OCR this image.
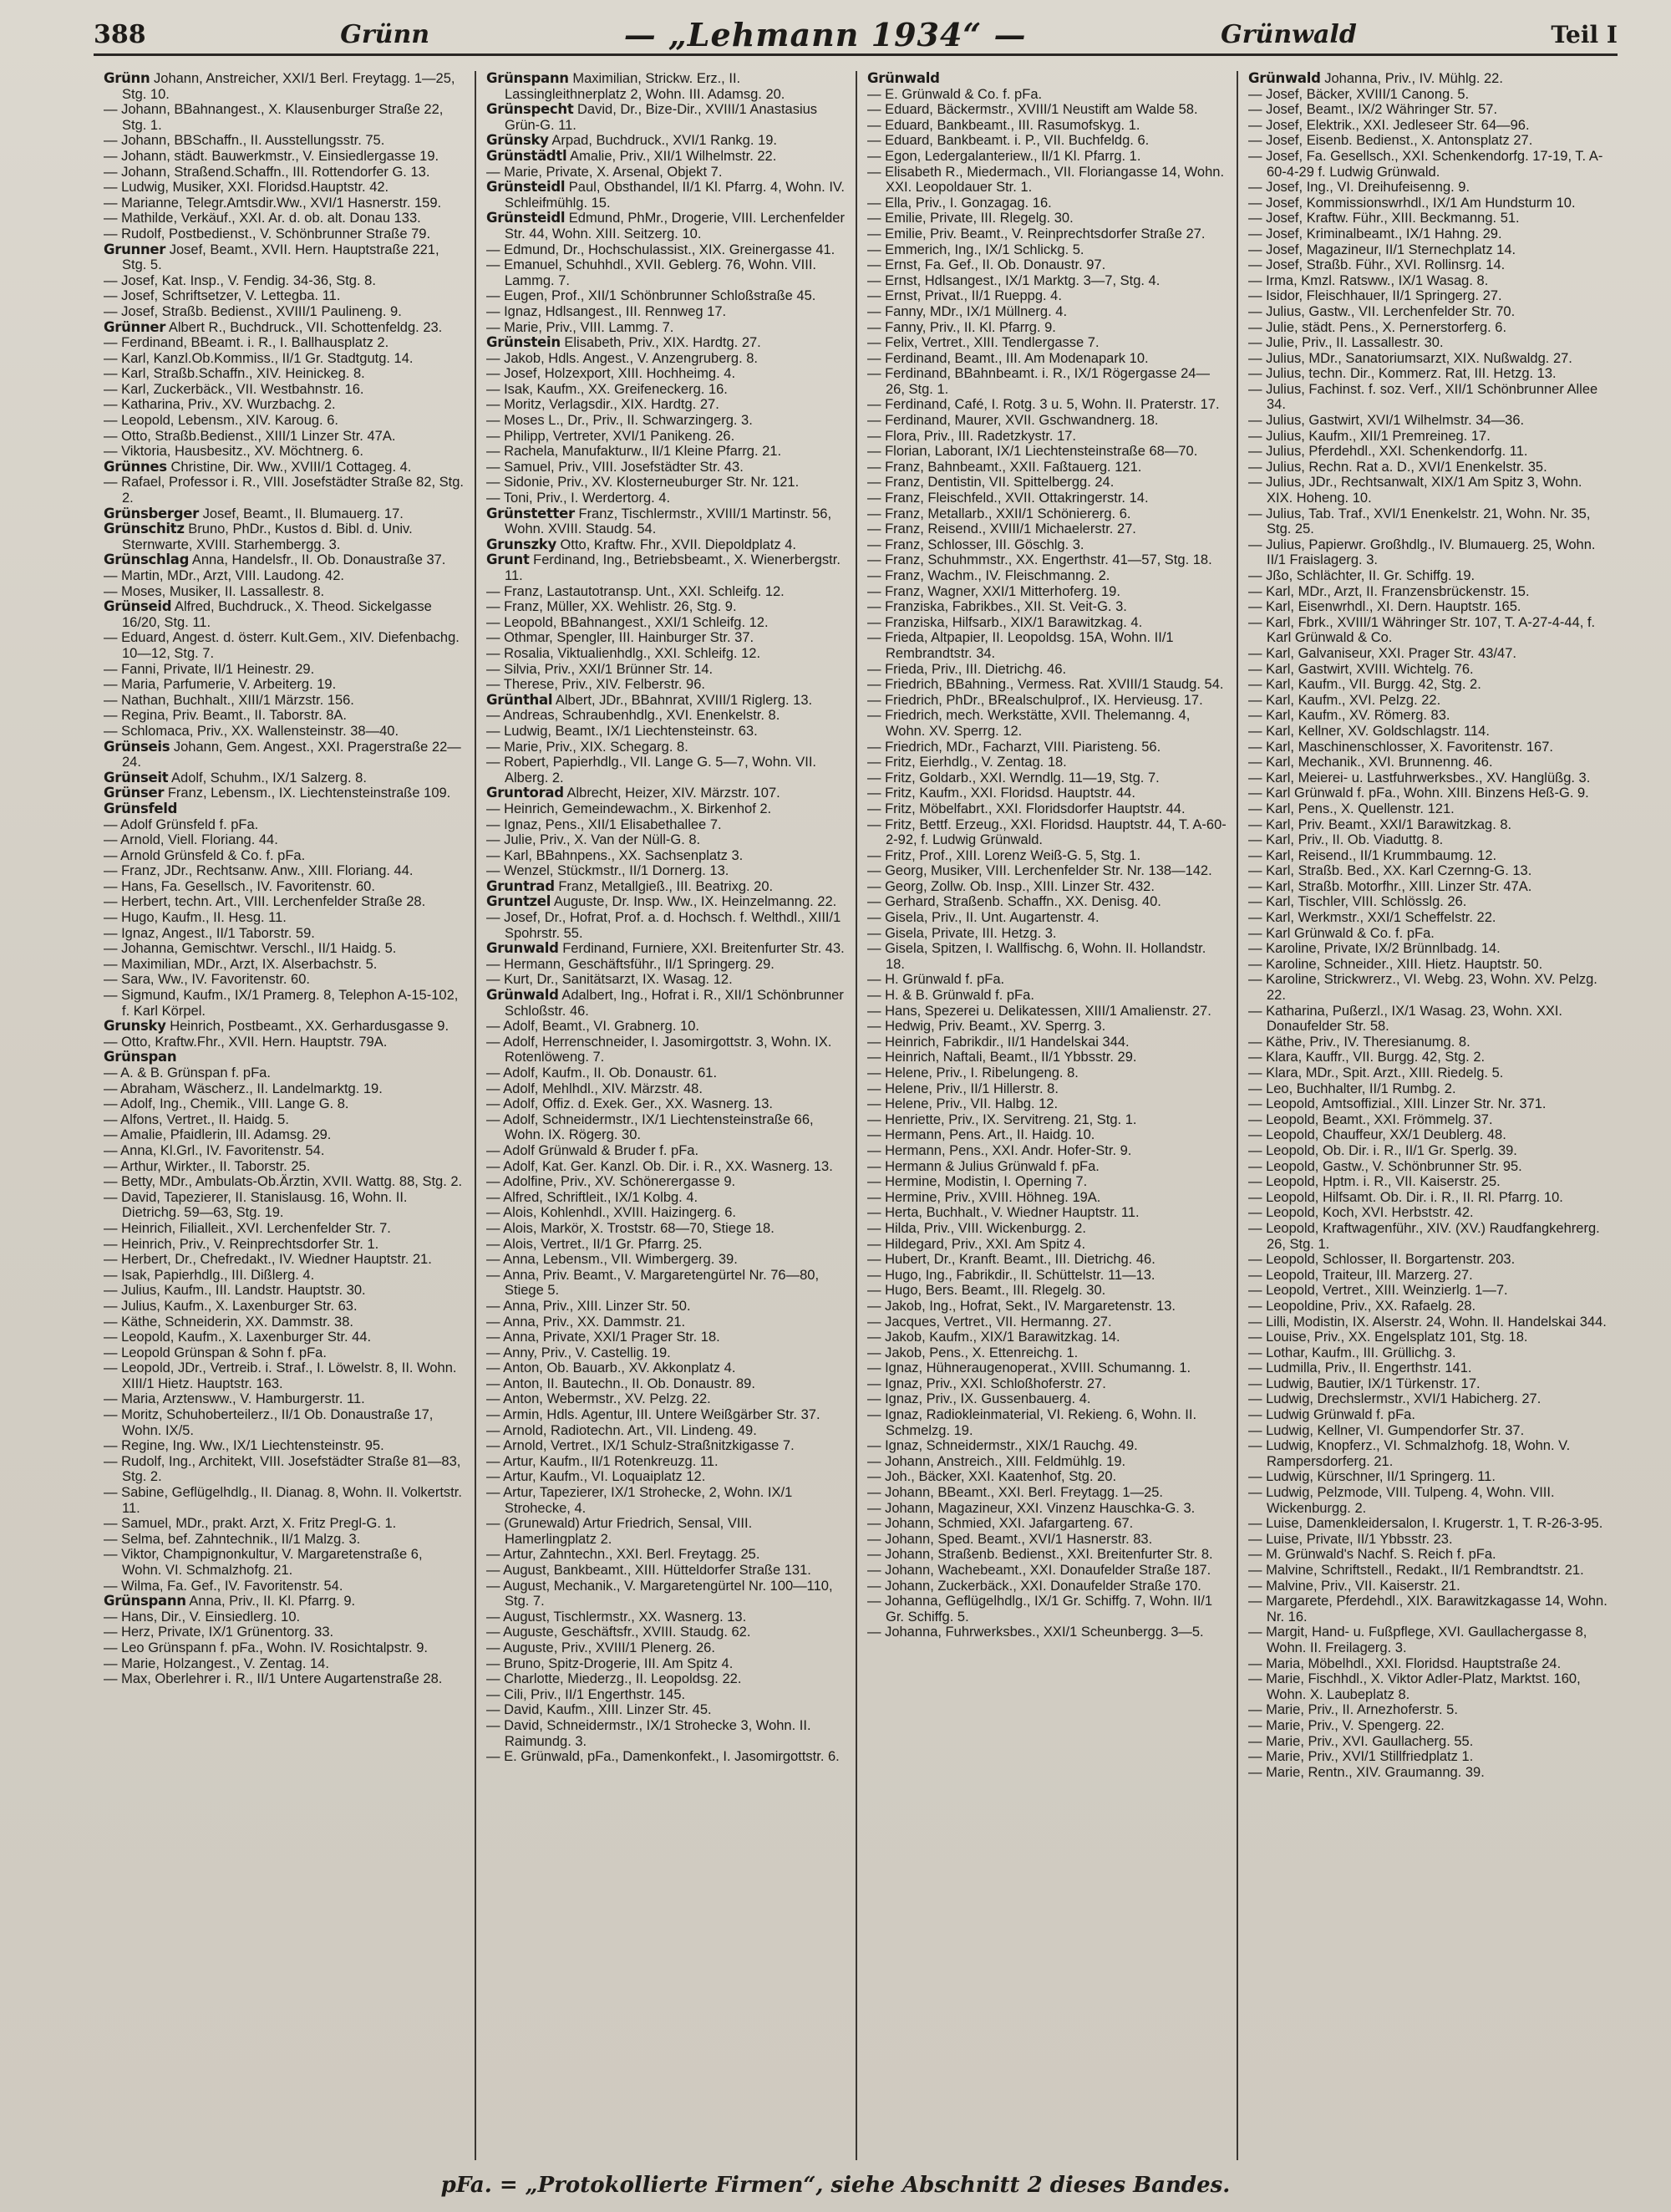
388	Grünn	— „Lehmann 1934“ —	Grünwald	Teil I

Grünn Johann, Anstreicher, XXI/1 Berl. Freytagg. 1—25, Stg. 10.

— Johann, BBahnangest., X. Klausenburger Straße 22, Stg. 1.

— Johann, BBSchaffn., II. Ausstellungsstr. 75.

— Johann, städt. Bauwerkmstr., V. Einsiedlergasse 19.

— Johann, Straßend.Schaffn., III. Rottendorfer G. 13.

— Ludwig, Musiker, XXI. Floridsd.Hauptstr. 42.

— Marianne, Telegr.Amtsdir.Ww., XVI/1 Hasnerstr. 159.

— Mathilde, Verkäuf., XXI. Ar. d. ob. alt. Donau 133.

— Rudolf, Postbedienst., V. Schönbrunner Straße 79.

Grunner Josef, Beamt., XVII. Hern. Hauptstraße 221, Stg. 5.

— Josef, Kat. Insp., V. Fendig. 34-36, Stg. 8.

— Josef, Schriftsetzer, V. Lettegba. 11.

— Josef, Straßb. Bedienst., XVIII/1 Paulineng. 9.

Grünner Albert R., Buchdruck., VII. Schottenfeldg. 23.

— Ferdinand, BBeamt. i. R., I. Ballhausplatz 2.

— Karl, Kanzl.Ob.Kommiss., II/1 Gr. Stadtgutg. 14.

— Karl, Straßb.Schaffn., XIV. Heinickeg. 8.

— Karl, Zuckerbäck., VII. Westbahnstr. 16.

— Katharina, Priv., XV. Wurzbachg. 2.

— Leopold, Lebensm., XIV. Karoug. 6.

— Otto, Straßb.Bedienst., XIII/1 Linzer Str. 47A.

— Viktoria, Hausbesitz., XV. Möchtnerg. 6.

Grünnes Christine, Dir. Ww., XVIII/1 Cottageg. 4.

— Rafael, Professor i. R., VIII. Josefstädter Straße 82, Stg. 2.

Grünsberger Josef, Beamt., II. Blumauerg. 17.

Grünschitz Bruno, PhDr., Kustos d. Bibl. d. Univ. Sternwarte, XVIII. Starhembergg. 3.

Grünschlag Anna, Handelsfr., II. Ob. Donaustraße 37.

— Martin, MDr., Arzt, VIII. Laudong. 42.

— Moses, Musiker, II. Lassallestr. 8.

Grünseid Alfred, Buchdruck., X. Theod. Sickelgasse 16/20, Stg. 11.

— Eduard, Angest. d. österr. Kult.Gem., XIV. Diefenbachg. 10—12, Stg. 7.

— Fanni, Private, II/1 Heinestr. 29.

— Maria, Parfumerie, V. Arbeiterg. 19.

— Nathan, Buchhalt., XIII/1 Märzstr. 156.

— Regina, Priv. Beamt., II. Taborstr. 8A.

— Schlomaca, Priv., XX. Wallensteinstr. 38—40.

Grünseis Johann, Gem. Angest., XXI. Pragerstraße 22—24.

Grünseit Adolf, Schuhm., IX/1 Salzerg. 8.

Grünser Franz, Lebensm., IX. Liechtensteinstraße 109.

Grünsfeld

— Adolf Grünsfeld f. pFa.

— Arnold, Viell. Floriang. 44.

— Arnold Grünsfeld & Co. f. pFa.

— Franz, JDr., Rechtsanw. Anw., XIII. Floriang. 44.

— Hans, Fa. Gesellsch., IV. Favoritenstr. 60.

— Herbert, techn. Art., VIII. Lerchenfelder Straße 28.

— Hugo, Kaufm., II. Hesg. 11.

— Ignaz, Angest., II/1 Taborstr. 59.

— Johanna, Gemischtwr. Verschl., II/1 Haidg. 5.

— Maximilian, MDr., Arzt, IX. Alserbachstr. 5.

— Sara, Ww., IV. Favoritenstr. 60.

— Sigmund, Kaufm., IX/1 Pramerg. 8, Telephon A-15-102, f. Karl Körpel.

Grunsky Heinrich, Postbeamt., XX. Gerhardusgasse 9.

— Otto, Kraftw.Fhr., XVII. Hern. Hauptstr. 79A.

Grünspan

— A. & B. Grünspan f. pFa.

— Abraham, Wäscherz., II. Landelmarktg. 19.

— Adolf, Ing., Chemik., VIII. Lange G. 8.

— Alfons, Vertret., II. Haidg. 5.

— Amalie, Pfaidlerin, III. Adamsg. 29.

— Anna, Kl.Grl., IV. Favoritenstr. 54.

— Arthur, Wirkter., II. Taborstr. 25.

— Betty, MDr., Ambulats-Ob.Ärztin, XVII. Wattg. 88, Stg. 2.

— David, Tapezierer, II. Stanislausg. 16, Wohn. II. Dietrichg. 59—63, Stg. 19.

— Heinrich, Filialleit., XVI. Lerchenfelder Str. 7.

— Heinrich, Priv., V. Reinprechtsdorfer Str. 1.

— Herbert, Dr., Chefredakt., IV. Wiedner Hauptstr. 21.

— Isak, Papierhdlg., III. Dißlerg. 4.

— Julius, Kaufm., III. Landstr. Hauptstr. 30.

— Julius, Kaufm., X. Laxenburger Str. 63.

— Käthe, Schneiderin, XX. Dammstr. 38.

— Leopold, Kaufm., X. Laxenburger Str. 44.

— Leopold Grünspan & Sohn f. pFa.

— Leopold, JDr., Vertreib. i. Straf., I. Löwelstr. 8, II. Wohn. XIII/1 Hietz. Hauptstr. 163.

— Maria, Arztensww., V. Hamburgerstr. 11.

— Moritz, Schuhoberteilerz., II/1 Ob. Donaustraße 17, Wohn. IX/5.

— Regine, Ing. Ww., IX/1 Liechtensteinstr. 95.

— Rudolf, Ing., Architekt, VIII. Josefstädter Straße 81—83, Stg. 2.

— Sabine, Geflügelhdlg., II. Dianag. 8, Wohn. II. Volkertstr. 11.

— Samuel, MDr., prakt. Arzt, X. Fritz Pregl-G. 1.

— Selma, bef. Zahntechnik., II/1 Malzg. 3.

— Viktor, Champignonkultur, V. Margaretenstraße 6, Wohn. VI. Schmalzhofg. 21.

— Wilma, Fa. Gef., IV. Favoritenstr. 54.

Grünspann Anna, Priv., II. Kl. Pfarrg. 9.

— Hans, Dir., V. Einsiedlerg. 10.

— Herz, Private, IX/1 Grünentorg. 33.

— Leo Grünspann f. pFa., Wohn. IV. Rosichtalpstr. 9.

— Marie, Holzangest., V. Zentag. 14.

— Max, Oberlehrer i. R., II/1 Untere Augartenstraße 28.

Grünspann Maximilian, Strickw. Erz., II. Lassingleithnerplatz 2, Wohn. III. Adamsg. 20.

Grünspecht David, Dr., Bize-Dir., XVIII/1 Anastasius Grün-G. 11.

Grünsky Arpad, Buchdruck., XVI/1 Rankg. 19.

Grünstädtl Amalie, Priv., XII/1 Wilhelmstr. 22.

— Marie, Private, X. Arsenal, Objekt 7.

Grünsteidl Paul, Obsthandel, II/1 Kl. Pfarrg. 4, Wohn. IV. Schleifmühlg. 15.

Grünsteidl Edmund, PhMr., Drogerie, VIII. Lerchenfelder Str. 44, Wohn. XIII. Seitzerg. 10.

— Edmund, Dr., Hochschulassist., XIX. Greinergasse 41.

— Emanuel, Schuhhdl., XVII. Geblerg. 76, Wohn. VIII. Lammg. 7.

— Eugen, Prof., XII/1 Schönbrunner Schloßstraße 45.

— Ignaz, Hdlsangest., III. Rennweg 17.

— Marie, Priv., VIII. Lammg. 7.

Grünstein Elisabeth, Priv., XIX. Hardtg. 27.

— Jakob, Hdls. Angest., V. Anzengruberg. 8.

— Josef, Holzexport, XIII. Hochheimg. 4.

— Isak, Kaufm., XX. Greifeneckerg. 16.

— Moritz, Verlagsdir., XIX. Hardtg. 27.

— Moses L., Dr., Priv., II. Schwarzingerg. 3.

— Philipp, Vertreter, XVI/1 Panikeng. 26.

— Rachela, Manufakturw., II/1 Kleine Pfarrg. 21.

— Samuel, Priv., VIII. Josefstädter Str. 43.

— Sidonie, Priv., XV. Klosterneuburger Str. Nr. 121.

— Toni, Priv., I. Werdertorg. 4.

Grünstetter Franz, Tischlermstr., XVIII/1 Martinstr. 56, Wohn. XVIII. Staudg. 54.

Grunszky Otto, Kraftw. Fhr., XVII. Diepoldplatz 4.

Grunt Ferdinand, Ing., Betriebsbeamt., X. Wienerbergstr. 11.

— Franz, Lastautotransp. Unt., XXI. Schleifg. 12.

— Franz, Müller, XX. Wehlistr. 26, Stg. 9.

— Leopold, BBahnangest., XXI/1 Schleifg. 12.

— Othmar, Spengler, III. Hainburger Str. 37.

— Rosalia, Viktualienhdlg., XXI. Schleifg. 12.

— Silvia, Priv., XXI/1 Brünner Str. 14.

— Therese, Priv., XIV. Felberstr. 96.

Grünthal Albert, JDr., BBahnrat, XVIII/1 Riglerg. 13.

— Andreas, Schraubenhdlg., XVI. Enenkelstr. 8.

— Ludwig, Beamt., IX/1 Liechtensteinstr. 63.

— Marie, Priv., XIX. Schegarg. 8.

— Robert, Papierhdlg., VII. Lange G. 5—7, Wohn. VII. Alberg. 2.

Gruntorad Albrecht, Heizer, XIV. Märzstr. 107.

— Heinrich, Gemeindewachm., X. Birkenhof 2.

— Ignaz, Pens., XII/1 Elisabethallee 7.

— Julie, Priv., X. Van der Nüll-G. 8.

— Karl, BBahnpens., XX. Sachsenplatz 3.

— Wenzel, Stückmstr., II/1 Dornerg. 13.

Gruntrad Franz, Metallgieß., III. Beatrixg. 20.

Gruntzel Auguste, Dr. Insp. Ww., IX. Heinzelmanng. 22.

— Josef, Dr., Hofrat, Prof. a. d. Hochsch. f. Welthdl., XIII/1 Spohrstr. 55.

Grunwald Ferdinand, Furniere, XXI. Breitenfurter Str. 43.

— Hermann, Geschäftsführ., II/1 Springerg. 29.

— Kurt, Dr., Sanitätsarzt, IX. Wasag. 12.

Grünwald Adalbert, Ing., Hofrat i. R., XII/1 Schönbrunner Schloßstr. 46.

— Adolf, Beamt., VI. Grabnerg. 10.

— Adolf, Herrenschneider, I. Jasomirgottstr. 3, Wohn. IX. Rotenlöweng. 7.

— Adolf, Kaufm., II. Ob. Donaustr. 61.

— Adolf, Mehlhdl., XIV. Märzstr. 48.

— Adolf, Offiz. d. Exek. Ger., XX. Wasnerg. 13.

— Adolf, Schneidermstr., IX/1 Liechtensteinstraße 66, Wohn. IX. Rögerg. 30.

— Adolf Grünwald & Bruder f. pFa.

— Adolf, Kat. Ger. Kanzl. Ob. Dir. i. R., XX. Wasnerg. 13.

— Adolfine, Priv., XV. Schönerergasse 9.

— Alfred, Schriftleit., IX/1 Kolbg. 4.

— Alois, Kohlenhdl., XVIII. Haizingerg. 6.

— Alois, Markör, X. Troststr. 68—70, Stiege 18.

— Alois, Vertret., II/1 Gr. Pfarrg. 25.

— Anna, Lebensm., VII. Wimbergerg. 39.

— Anna, Priv. Beamt., V. Margaretengürtel Nr. 76—80, Stiege 5.

— Anna, Priv., XIII. Linzer Str. 50.

— Anna, Priv., XX. Dammstr. 21.

— Anna, Private, XXI/1 Prager Str. 18.

— Anny, Priv., V. Castellig. 19.

— Anton, Ob. Bauarb., XV. Akkonplatz 4.

— Anton, II. Bautechn., II. Ob. Donaustr. 89.

— Anton, Webermstr., XV. Pelzg. 22.

— Armin, Hdls. Agentur, III. Untere Weißgärber Str. 37.

— Arnold, Radiotechn. Art., VII. Lindeng. 49.

— Arnold, Vertret., IX/1 Schulz-Straßnitzkigasse 7.

— Artur, Kaufm., II/1 Rotenkreuzg. 11.

— Artur, Kaufm., VI. Loquaiplatz 12.

— Artur, Tapezierer, IX/1 Strohecke, 2, Wohn. IX/1 Strohecke, 4.

— (Grunewald) Artur Friedrich, Sensal, VIII. Hamerlingplatz 2.

— Artur, Zahntechn., XXI. Berl. Freytagg. 25.

— August, Bankbeamt., XIII. Hütteldorfer Straße 131.

— August, Mechanik., V. Margaretengürtel Nr. 100—110, Stg. 7.

— August, Tischlermstr., XX. Wasnerg. 13.

— Auguste, Geschäftsfr., XVIII. Staudg. 62.

— Auguste, Priv., XVIII/1 Plenerg. 26.

— Bruno, Spitz-Drogerie, III. Am Spitz 4.

— Charlotte, Miederzg., II. Leopoldsg. 22.

— Cili, Priv., II/1 Engerthstr. 145.

— David, Kaufm., XIII. Linzer Str. 45.

— David, Schneidermstr., IX/1 Strohecke 3, Wohn. II. Raimundg. 3.

— E. Grünwald, pFa., Damenkonfekt., I. Jasomirgottstr. 6.

Grünwald

— E. Grünwald & Co. f. pFa.

— Eduard, Bäckermstr., XVIII/1 Neustift am Walde 58.

— Eduard, Bankbeamt., III. Rasumofskyg. 1.

— Eduard, Bankbeamt. i. P., VII. Buchfeldg. 6.

— Egon, Ledergalanteriew., II/1 Kl. Pfarrg. 1.

— Elisabeth R., Miedermach., VII. Floriangasse 14, Wohn. XXI. Leopoldauer Str. 1.

— Ella, Priv., I. Gonzagag. 16.

— Emilie, Private, III. Rlegelg. 30.

— Emilie, Priv. Beamt., V. Reinprechtsdorfer Straße 27.

— Emmerich, Ing., IX/1 Schlickg. 5.

— Ernst, Fa. Gef., II. Ob. Donaustr. 97.

— Ernst, Hdlsangest., IX/1 Marktg. 3—7, Stg. 4.

— Ernst, Privat., II/1 Rueppg. 4.

— Fanny, MDr., IX/1 Müllnerg. 4.

— Fanny, Priv., II. Kl. Pfarrg. 9.

— Felix, Vertret., XIII. Tendlergasse 7.

— Ferdinand, Beamt., III. Am Modenapark 10.

— Ferdinand, BBahnbeamt. i. R., IX/1 Rögergasse 24—26, Stg. 1.

— Ferdinand, Café, I. Rotg. 3 u. 5, Wohn. II. Praterstr. 17.

— Ferdinand, Maurer, XVII. Gschwandnerg. 18.

— Flora, Priv., III. Radetzkystr. 17.

— Florian, Laborant, IX/1 Liechtensteinstraße 68—70.

— Franz, Bahnbeamt., XXII. Faßtauerg. 121.

— Franz, Dentistin, VII. Spittelbergg. 24.

— Franz, Fleischfeld., XVII. Ottakringerstr. 14.

— Franz, Metallarb., XXII/1 Schöniererg. 6.

— Franz, Reisend., XVIII/1 Michaelerstr. 27.

— Franz, Schlosser, III. Göschlg. 3.

— Franz, Schuhmmstr., XX. Engerthstr. 41—57, Stg. 18.

— Franz, Wachm., IV. Fleischmanng. 2.

— Franz, Wagner, XXI/1 Mitterhoferg. 19.

— Franziska, Fabrikbes., XII. St. Veit-G. 3.

— Franziska, Hilfsarb., XIX/1 Barawitzkag. 4.

— Frieda, Altpapier, II. Leopoldsg. 15A, Wohn. II/1 Rembrandtstr. 34.

— Frieda, Priv., III. Dietrichg. 46.

— Friedrich, BBahning., Vermess. Rat. XVIII/1 Staudg. 54.

— Friedrich, PhDr., BRealschulprof., IX. Hervieusg. 17.

— Friedrich, mech. Werkstätte, XVII. Thelemanng. 4, Wohn. XV. Sperrg. 12.

— Friedrich, MDr., Facharzt, VIII. Piaristeng. 56.

— Fritz, Eierhdlg., V. Zentag. 18.

— Fritz, Goldarb., XXI. Werndlg. 11—19, Stg. 7.

— Fritz, Kaufm., XXI. Floridsd. Hauptstr. 44.

— Fritz, Möbelfabrt., XXI. Floridsdorfer Hauptstr. 44.

— Fritz, Bettf. Erzeug., XXI. Floridsd. Hauptstr. 44, T. A-60-2-92, f. Ludwig Grünwald.

— Fritz, Prof., XIII. Lorenz Weiß-G. 5, Stg. 1.

— Georg, Musiker, VIII. Lerchenfelder Str. Nr. 138—142.

— Georg, Zollw. Ob. Insp., XIII. Linzer Str. 432.

— Gerhard, Straßenb. Schaffn., XX. Denisg. 40.

— Gisela, Priv., II. Unt. Augartenstr. 4.

— Gisela, Private, III. Hetzg. 3.

— Gisela, Spitzen, I. Wallfischg. 6, Wohn. II. Hollandstr. 18.

— H. Grünwald f. pFa.

— H. & B. Grünwald f. pFa.

— Hans, Spezerei u. Delikatessen, XIII/1 Amalienstr. 27.

— Hedwig, Priv. Beamt., XV. Sperrg. 3.

— Heinrich, Fabrikdir., II/1 Handelskai 344.

— Heinrich, Naftali, Beamt., II/1 Ybbsstr. 29.

— Helene, Priv., I. Ribelungeng. 8.

— Helene, Priv., II/1 Hillerstr. 8.

— Helene, Priv., VII. Halbg. 12.

— Henriette, Priv., IX. Servitreng. 21, Stg. 1.

— Hermann, Pens. Art., II. Haidg. 10.

— Hermann, Pens., XXI. Andr. Hofer-Str. 9.

— Hermann & Julius Grünwald f. pFa.

— Hermine, Modistin, I. Operning 7.

— Hermine, Priv., XVIII. Höhneg. 19A.

— Herta, Buchhalt., V. Wiedner Hauptstr. 11.

— Hilda, Priv., VIII. Wickenburgg. 2.

— Hildegard, Priv., XXI. Am Spitz 4.

— Hubert, Dr., Kranft. Beamt., III. Dietrichg. 46.

— Hugo, Ing., Fabrikdir., II. Schüttelstr. 11—13.

— Hugo, Bers. Beamt., III. Rlegelg. 30.

— Jakob, Ing., Hofrat, Sekt., IV. Margaretenstr. 13.

— Jacques, Vertret., VII. Hermanng. 27.

— Jakob, Kaufm., XIX/1 Barawitzkag. 14.

— Jakob, Pens., X. Ettenreichg. 1.

— Ignaz, Hühneraugenoperat., XVIII. Schumanng. 1.

— Ignaz, Priv., XXI. Schloßhoferstr. 27.

— Ignaz, Priv., IX. Gussenbauerg. 4.

— Ignaz, Radiokleinmaterial, VI. Rekieng. 6, Wohn. II. Schmelzg. 19.

— Ignaz, Schneidermstr., XIX/1 Rauchg. 49.

— Johann, Anstreich., XIII. Feldmühlg. 19.

— Joh., Bäcker, XXI. Kaatenhof, Stg. 20.

— Johann, BBeamt., XXI. Berl. Freytagg. 1—25.

— Johann, Magazineur, XXI. Vinzenz Hauschka-G. 3.

— Johann, Schmied, XXI. Jafargarteng. 67.

— Johann, Sped. Beamt., XVI/1 Hasnerstr. 83.

— Johann, Straßenb. Bedienst., XXI. Breitenfurter Str. 8.

— Johann, Wachebeamt., XXI. Donaufelder Straße 187.

— Johann, Zuckerbäck., XXI. Donaufelder Straße 170.

— Johanna, Geflügelhdlg., IX/1 Gr. Schiffg. 7, Wohn. II/1 Gr. Schiffg. 5.

— Johanna, Fuhrwerksbes., XXI/1 Scheunbergg. 3—5.

Grünwald Johanna, Priv., IV. Mühlg. 22.

— Josef, Bäcker, XVIII/1 Canong. 5.

— Josef, Beamt., IX/2 Währinger Str. 57.

— Josef, Elektrik., XXI. Jedleseer Str. 64—96.

— Josef, Eisenb. Bedienst., X. Antonsplatz 27.

— Josef, Fa. Gesellsch., XXI. Schenkendorfg. 17-19, T. A-60-4-29 f. Ludwig Grünwald.

— Josef, Ing., VI. Dreihufeisenng. 9.

— Josef, Kommissionswrhdl., IX/1 Am Hundsturm 10.

— Josef, Kraftw. Führ., XIII. Beckmanng. 51.

— Josef, Kriminalbeamt., IX/1 Hahng. 29.

— Josef, Magazineur, II/1 Sternechplatz 14.

— Josef, Straßb. Führ., XVI. Rollinsrg. 14.

— Irma, Kmzl. Ratsww., IX/1 Wasag. 8.

— Isidor, Fleischhauer, II/1 Springerg. 27.

— Julius, Gastw., VII. Lerchenfelder Str. 70.

— Julie, städt. Pens., X. Pernerstorferg. 6.

— Julie, Priv., II. Lassallestr. 30.

— Julius, MDr., Sanatoriumsarzt, XIX. Nußwaldg. 27.

— Julius, techn. Dir., Kommerz. Rat, III. Hetzg. 13.

— Julius, Fachinst. f. soz. Verf., XII/1 Schönbrunner Allee 34.

— Julius, Gastwirt, XVI/1 Wilhelmstr. 34—36.

— Julius, Kaufm., XII/1 Premreineg. 17.

— Julius, Pferdehdl., XXI. Schenkendorfg. 11.

— Julius, Rechn. Rat a. D., XVI/1 Enenkelstr. 35.

— Julius, JDr., Rechtsanwalt, XIX/1 Am Spitz 3, Wohn. XIX. Hoheng. 10.

— Julius, Tab. Traf., XVI/1 Enenkelstr. 21, Wohn. Nr. 35, Stg. 25.

— Julius, Papierwr. Großhdlg., IV. Blumauerg. 25, Wohn. II/1 Fraislagerg. 3.

— Jßo, Schlächter, II. Gr. Schiffg. 19.

— Karl, MDr., Arzt, II. Franzensbrückenstr. 15.

— Karl, Eisenwrhdl., XI. Dern. Hauptstr. 165.

— Karl, Fbrk., XVIII/1 Währinger Str. 107, T. A-27-4-44, f. Karl Grünwald & Co.

— Karl, Galvaniseur, XXI. Prager Str. 43/47.

— Karl, Gastwirt, XVIII. Wichtelg. 76.

— Karl, Kaufm., VII. Burgg. 42, Stg. 2.

— Karl, Kaufm., XVI. Pelzg. 22.

— Karl, Kaufm., XV. Römerg. 83.

— Karl, Kellner, XV. Goldschlagstr. 114.

— Karl, Maschinenschlosser, X. Favoritenstr. 167.

— Karl, Mechanik., XVI. Brunnenng. 46.

— Karl, Meierei- u. Lastfuhrwerksbes., XV. Hanglüßg. 3.

— Karl Grünwald f. pFa., Wohn. XIII. Binzens Heß-G. 9.

— Karl, Pens., X. Quellenstr. 121.

— Karl, Priv. Beamt., XXI/1 Barawitzkag. 8.

— Karl, Priv., II. Ob. Viaduttg. 8.

— Karl, Reisend., II/1 Krummbaumg. 12.

— Karl, Straßb. Bed., XX. Karl Czernng-G. 13.

— Karl, Straßb. Motorfhr., XIII. Linzer Str. 47A.

— Karl, Tischler, VIII. Schlösslg. 26.

— Karl, Werkmstr., XXI/1 Scheffelstr. 22.

— Karl Grünwald & Co. f. pFa.

— Karoline, Private, IX/2 Brünnlbadg. 14.

— Karoline, Schneider., XIII. Hietz. Hauptstr. 50.

— Karoline, Strickwrerz., VI. Webg. 23, Wohn. XV. Pelzg. 22.

— Katharina, Pußerzl., IX/1 Wasag. 23, Wohn. XXI. Donaufelder Str. 58.

— Käthe, Priv., IV. Theresianumg. 8.

— Klara, Kauffr., VII. Burgg. 42, Stg. 2.

— Klara, MDr., Spit. Arzt., XIII. Riedelg. 5.

— Leo, Buchhalter, II/1 Rumbg. 2.

— Leopold, Amtsoffizial., XIII. Linzer Str. Nr. 371.

— Leopold, Beamt., XXI. Frömmelg. 37.

— Leopold, Chauffeur, XX/1 Deublerg. 48.

— Leopold, Ob. Dir. i. R., II/1 Gr. Sperlg. 39.

— Leopold, Gastw., V. Schönbrunner Str. 95.

— Leopold, Hptm. i. R., VII. Kaiserstr. 25.

— Leopold, Hilfsamt. Ob. Dir. i. R., II. Rl. Pfarrg. 10.

— Leopold, Koch, XVI. Herbststr. 42.

— Leopold, Kraftwagenführ., XIV. (XV.) Raudfangkehrerg. 26, Stg. 1.

— Leopold, Schlosser, II. Borgartenstr. 203.

— Leopold, Traiteur, III. Marzerg. 27.

— Leopold, Vertret., XIII. Weinzierlg. 1—7.

— Leopoldine, Priv., XX. Rafaelg. 28.

— Lilli, Modistin, IX. Alserstr. 24, Wohn. II. Handelskai 344.

— Louise, Priv., XX. Engelsplatz 101, Stg. 18.

— Lothar, Kaufm., III. Grüllichg. 3.

— Ludmilla, Priv., II. Engerthstr. 141.

— Ludwig, Bautier, IX/1 Türkenstr. 17.

— Ludwig, Drechslermstr., XVI/1 Habicherg. 27.

— Ludwig Grünwald f. pFa.

— Ludwig, Kellner, VI. Gumpendorfer Str. 37.

— Ludwig, Knopferz., VI. Schmalzhofg. 18, Wohn. V. Rampersdorferg. 21.

— Ludwig, Kürschner, II/1 Springerg. 11.

— Ludwig, Pelzmode, VIII. Tulpeng. 4, Wohn. VIII. Wickenburgg. 2.

— Luise, Damenkleidersalon, I. Krugerstr. 1, T. R-26-3-95.

— Luise, Private, II/1 Ybbsstr. 23.

— M. Grünwald's Nachf. S. Reich f. pFa.

— Malvine, Schriftstell., Redakt., II/1 Rembrandtstr. 21.

— Malvine, Priv., VII. Kaiserstr. 21.

— Margarete, Pferdehdl., XIX. Barawitzkagasse 14, Wohn. Nr. 16.

— Margit, Hand- u. Fußpflege, XVI. Gaullachergasse 8, Wohn. II. Freilagerg. 3.

— Maria, Möbelhdl., XXI. Floridsd. Hauptstraße 24.

— Marie, Fischhdl., X. Viktor Adler-Platz, Marktst. 160, Wohn. X. Laubeplatz 8.

— Marie, Priv., II. Arnezhoferstr. 5.

— Marie, Priv., V. Spengerg. 22.

— Marie, Priv., XVI. Gaullacherg. 55.

— Marie, Priv., XVI/1 Stillfriedplatz 1.

— Marie, Rentn., XIV. Graumanng. 39.

pFa. = „Protokollierte Firmen“, siehe Abschnitt 2 dieses Bandes.
